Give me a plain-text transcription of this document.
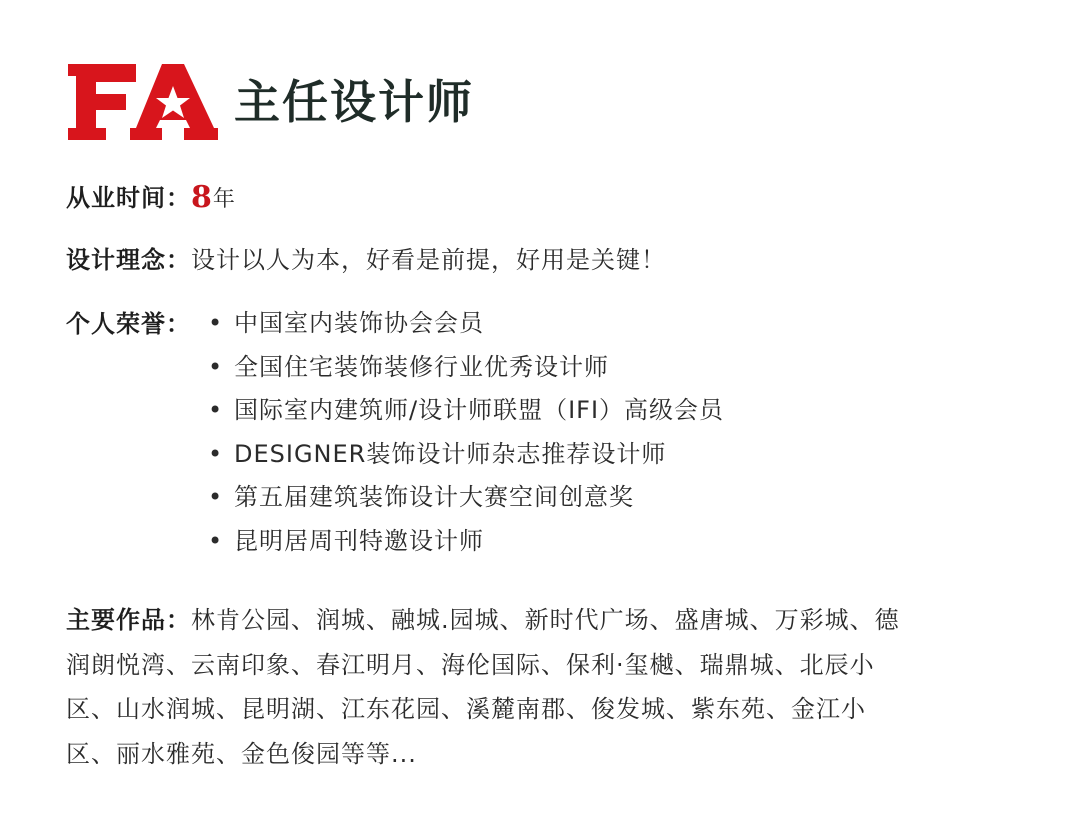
主任设计师
从业时间：8年
设计理念：设计以人为本，好看是前提，好用是关键！
个人荣誉： • 中国室内装饰协会会员
• 全国住宅装饰装修行业优秀设计师
• 国际室内建筑师/设计师联盟（IFI）高级会员
• DESIGNER装饰设计师杂志推荐设计师
• 第五届建筑装饰设计大赛空间创意奖
• 昆明居周刊特邀设计师
主要作品：林肯公园、润城、融城.园城、新时代广场、盛唐城、万彩城、德
润朗悦湾、云南印象、春江明月、海伦国际、保利·玺樾、瑞鼎城、北辰小
区、山水润城、昆明湖、江东花园、溪麓南郡、俊发城、紫东苑、金江小
区、丽水雅苑、金色俊园等等...
